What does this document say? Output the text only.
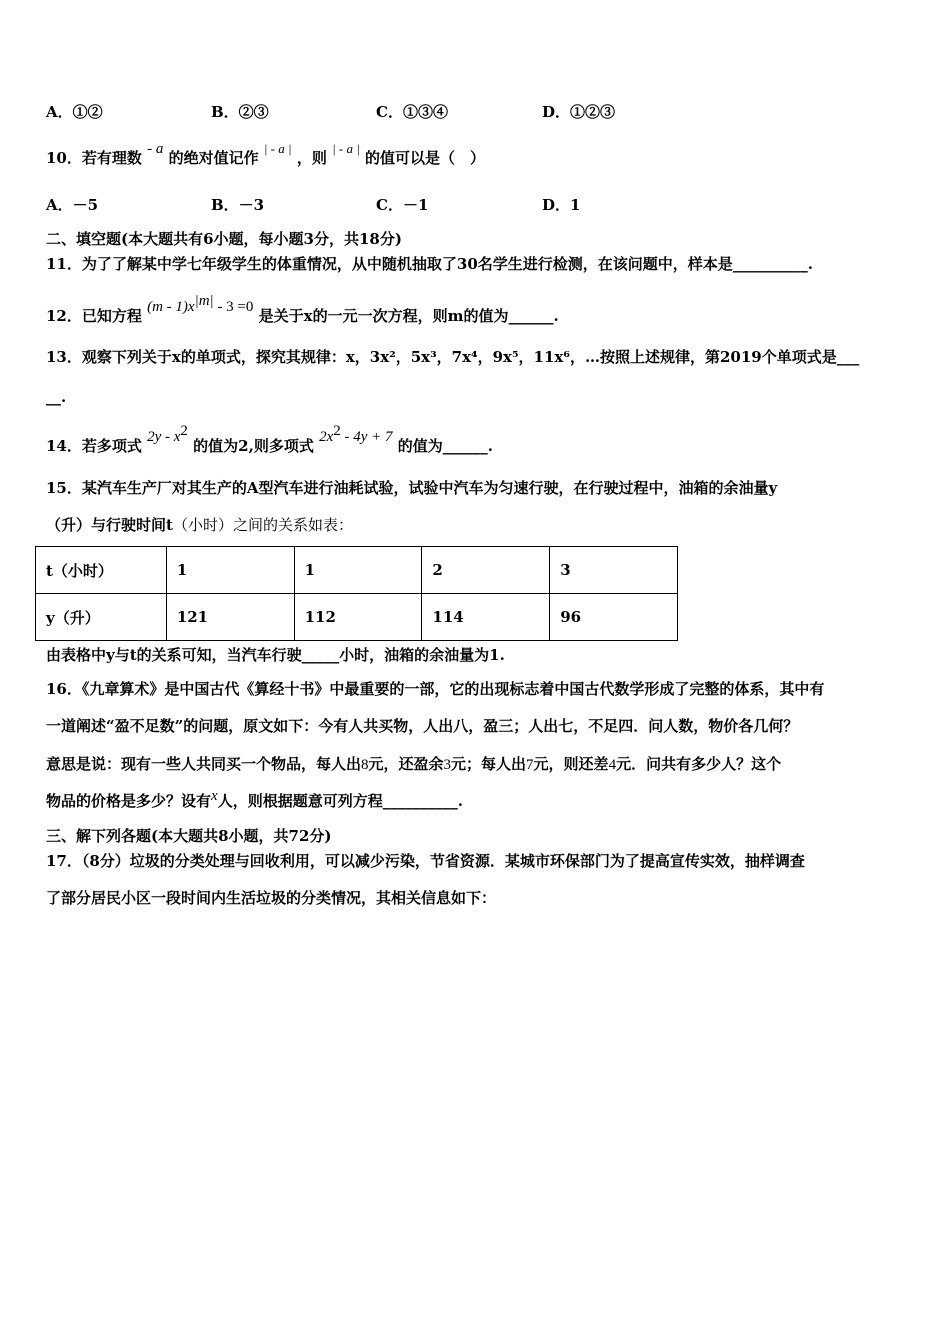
A．①②	B．②③	C．①③④	D．①②③
10．若有理数 - a 的绝对值记作 | - a | ，则 | - a | 的值可以是（　）
A．－5	B．－3	C．－1	D．1
二、填空题(本大题共有6小题，每小题3分，共18分)
11．为了了解某中学七年级学生的体重情况，从中随机抽取了30名学生进行检测，在该问题中，样本是__________.
12．已知方程 $(m - 1)x^{|m|} - 3 =0$ 是关于x的一元一次方程，则m的值为______.
13．观察下列关于x的单项式，探究其规律：x，3x²，5x³，7x⁴，9x⁵，11x⁶，…按照上述规律，第2019个单项式是___
__.
14．若多项式 $2y - x^2$ 的值为2,则多项式 $2x^2 - 4y + 7$ 的值为______.
15．某汽车生产厂对其生产的A型汽车进行油耗试验，试验中汽车为匀速行驶，在行驶过程中，油箱的余油量y
（升）与行驶时间t（小时）之间的关系如表：
t（小时）	1	1	2	3
y（升）	121	112	114	96
由表格中y与t的关系可知，当汽车行驶_____小时，油箱的余油量为1.
16．《九章算术》是中国古代《算经十书》中最重要的一部，它的出现标志着中国古代数学形成了完整的体系，其中有
一道阐述“盈不足数”的问题，原文如下：今有人共买物，人出八，盈三；人出七，不足四．问人数，物价各几何？
意思是说：现有一些人共同买一个物品，每人出8元，还盈余3元；每人出7元，则还差4元．问共有多少人？这个
物品的价格是多少？设有x人，则根据题意可列方程__________.
三、解下列各题(本大题共8小题，共72分)
17．（8分）垃圾的分类处理与回收利用，可以减少污染，节省资源．某城市环保部门为了提高宣传实效，抽样调查
了部分居民小区一段时间内生活垃圾的分类情况，其相关信息如下：
